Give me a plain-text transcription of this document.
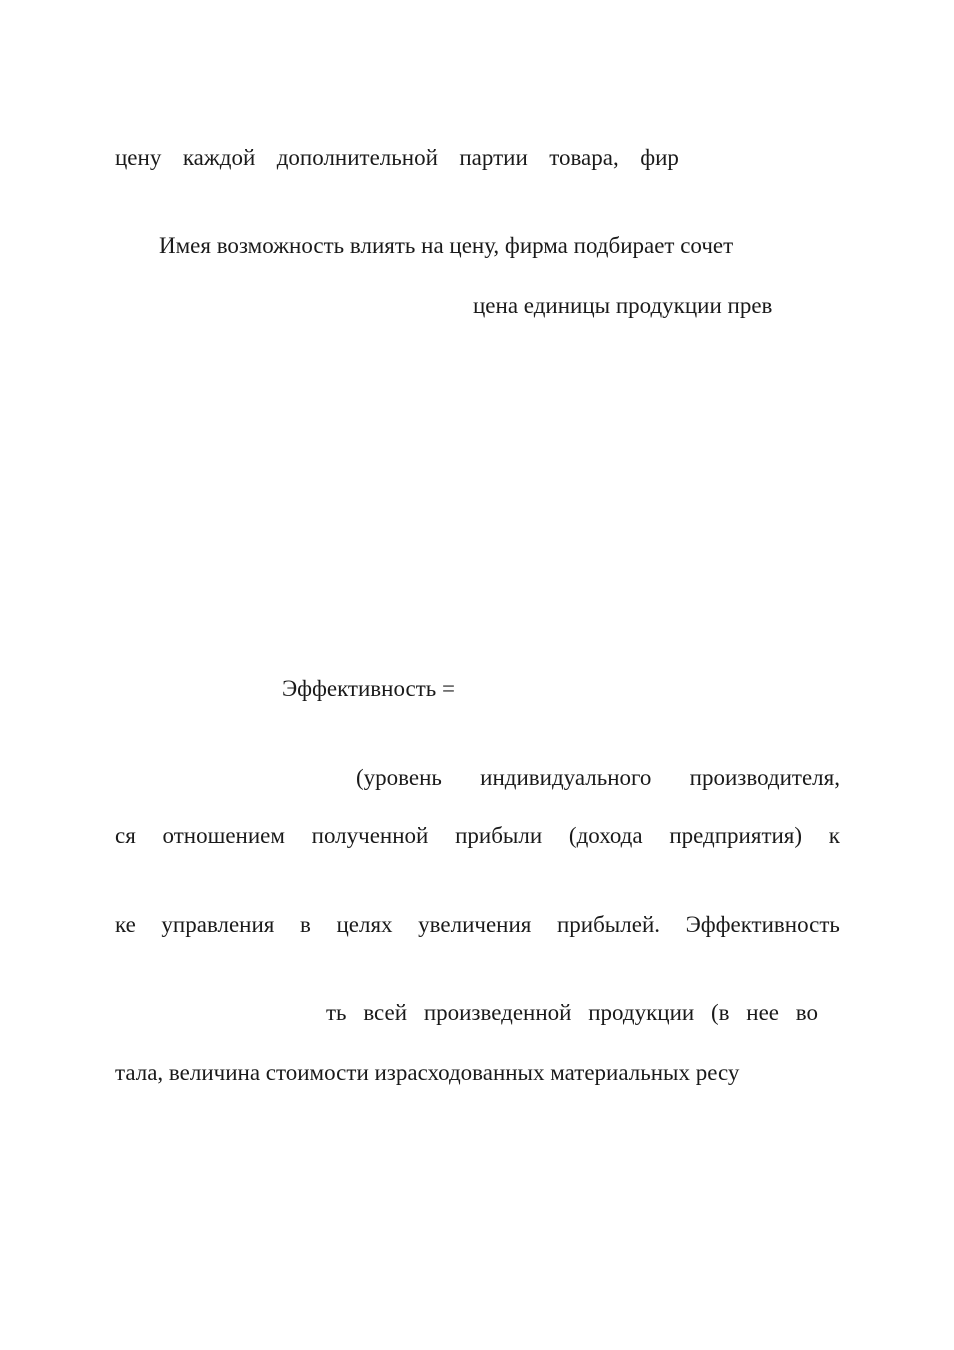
цену каждой дополнительной партии товара, фир

Имея возможность влиять на цену, фирма подбирает сочет

цена единицы продукции прев

Эффективность =

(уровень индивидуального производителя,

ся отношением полученной прибыли (дохода предприятия) к

ке управления в целях увеличения прибылей. Эффективность

ть всей произведенной продукции (в нее во

тала, величина стоимости израсходованных материальных ресу
